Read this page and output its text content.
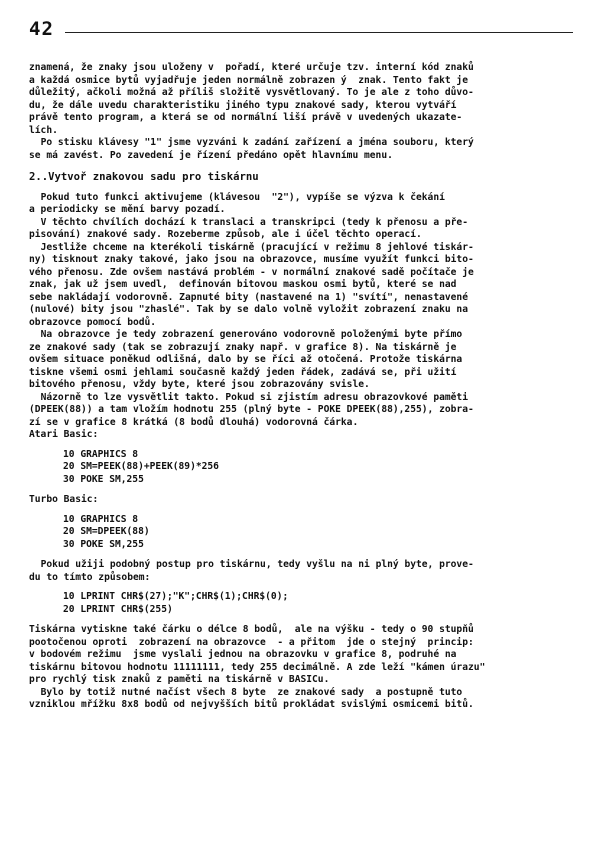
42

znamená, že znaky jsou uloženy v  pořadí, které určuje tzv. interní kód znaků
a každá osmice bytů vyjadřuje jeden normálně zobrazen ý  znak. Tento fakt je
důležitý, ačkoli možná až příliš složitě vysvětlovaný. To je ale z toho důvo-
du, že dále uvedu charakteristiku jiného typu znakové sady, kterou vytváří
právě tento program, a která se od normální liší právě v uvedených ukazate-
lích.

Po stisku klávesy "1" jsme vyzváni k zadání zařízení a jména souboru, který
se má zavést. Po zavedení je řízení předáno opět hlavnímu menu.

2..Vytvoř znakovou sadu pro tiskárnu

Pokud tuto funkci aktivujeme (klávesou  "2"), vypíše se výzva k čekání
a periodicky se mění barvy pozadí.

V těchto chvílích dochází k translaci a transkripci (tedy k přenosu a pře-
pisování) znakové sady. Rozeberme způsob, ale i účel těchto operací.

Jestliže chceme na kterékoli tiskárně (pracující v režimu 8 jehlové tiskár-
ny) tisknout znaky takové, jako jsou na obrazovce, musíme využít funkci bito-
vého přenosu. Zde ovšem nastává problém - v normální znakové sadě počítače je
znak, jak už jsem uvedl,  definován bitovou maskou osmi bytů, které se nad
sebe nakládají vodorovně. Zapnuté bity (nastavené na 1) "svítí", nenastavené
(nulové) bity jsou "zhaslé". Tak by se dalo volně vyložit zobrazení znaku na
obrazovce pomocí bodů.

Na obrazovce je tedy zobrazení generováno vodorovně položenými byte přímo
ze znakové sady (tak se zobrazují znaky např. v grafice 8). Na tiskárně je
ovšem situace poněkud odlišná, dalo by se říci až otočená. Protože tiskárna
tiskne všemi osmi jehlami současně každý jeden řádek, zadává se, při užití
bitového přenosu, vždy byte, které jsou zobrazovány svisle.

Názorně to lze vysvětlit takto. Pokud si zjistím adresu obrazovkové paměti
(DPEEK(88)) a tam vložím hodnotu 255 (plný byte - POKE DPEEK(88),255), zobra-
zí se v grafice 8 krátká (8 bodů dlouhá) vodorovná čárka.

Atari Basic:

10 GRAPHICS 8
20 SM=PEEK(88)+PEEK(89)*256
30 POKE SM,255

Turbo Basic:

10 GRAPHICS 8
20 SM=DPEEK(88)
30 POKE SM,255

Pokud užiji podobný postup pro tiskárnu, tedy vyšlu na ni plný byte, prove-
du to tímto způsobem:

10 LPRINT CHR$(27);"K";CHR$(1);CHR$(0);
20 LPRINT CHR$(255)

Tiskárna vytiskne také čárku o délce 8 bodů,  ale na výšku - tedy o 90 stupňů
pootočenou oproti  zobrazení na obrazovce  - a přitom  jde o stejný  princip:
v bodovém režimu  jsme vyslali jednou na obrazovku v grafice 8, podruhé na
tiskárnu bitovou hodnotu 11111111, tedy 255 decimálně. A zde leží "kámen úrazu"
pro rychlý tisk znaků z paměti na tiskárně v BASICu.

Bylo by totiž nutné načíst všech 8 byte  ze znakové sady  a postupně tuto
vzniklou mřížku 8x8 bodů od nejvyšších bitů prokládat svislými osmicemi bitů.
